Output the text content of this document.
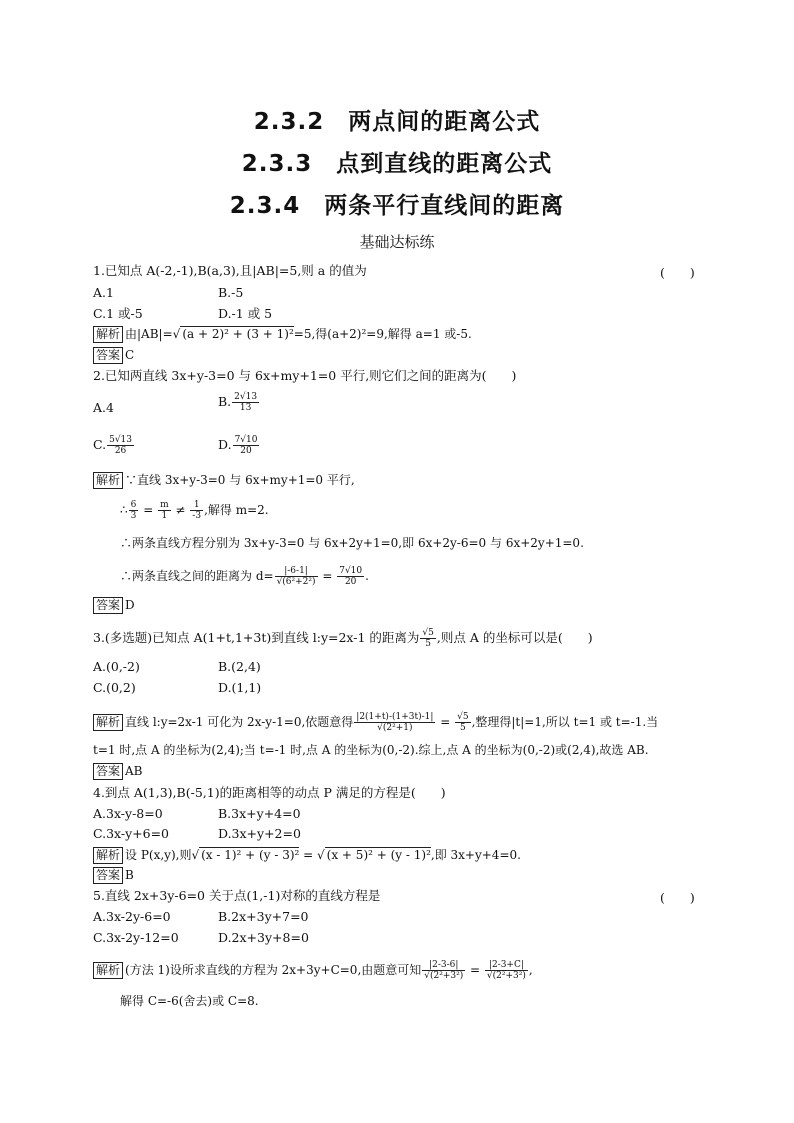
2.3.2　两点间的距离公式
2.3.3　点到直线的距离公式
2.3.4　两条平行直线间的距离
基础达标练
1.已知点 A(-2,-1),B(a,3),且|AB|=5,则 a 的值为	(　　)
A.1	B.-5
C.1 或-5	D.-1 或 5
解析 由|AB|=√ (a + 2)² + (3 + 1)²=5,得(a+2)²=9,解得 a=1 或-5.
答案 C
2.已知两直线 3x+y-3=0 与 6x+my+1=0 平行,则它们之间的距离为(　　)
A.4	B. $\frac{2√13}{13}$
C. $\frac{5√13}{26}$	D. $\frac{7√10}{20}$
解析 ∵直线 3x+y-3=0 与 6x+my+1=0 平行,
∴ $\frac{6}{3} = \frac{m}{1} \ne \frac{1}{-3}$ ,解得 m=2.
∴两条直线方程分别为 3x+y-3=0 与 6x+2y+1=0,即 6x+2y-6=0 与 6x+2y+1=0.
∴两条直线之间的距离为 $d= \frac{|-6-1|}{\text{√(6²+2²)}} = \frac{7√10}{20}$ .
答案 D
3.(多选题)已知点 A(1+t,1+3t)到直线 l:y=2x-1 的距离为 $\frac{√5}{5}$ ,则点 A 的坐标可以是(　　)
A.(0,-2)	B.(2,4)
C.(0,2)	D.(1,1)
解析 直线 l:y=2x-1 可化为 2x-y-1=0,依题意得 $\frac{|2(1+t)-(1+3t)-1|}{\text{√(2²+1)}} = \frac{√5}{5}$ ,整理得|t|=1,所以 t=1 或 t=-1.当
t=1 时,点 A 的坐标为(2,4);当 t=-1 时,点 A 的坐标为(0,-2).综上,点 A 的坐标为(0,-2)或(2,4),故选 AB.
答案 AB
4.到点 A(1,3),B(-5,1)的距离相等的动点 P 满足的方程是(　　)
A.3x-y-8=0	B.3x+y+4=0
C.3x-y+6=0	D.3x+y+2=0
解析 设 P(x,y),则√ (x - 1)² + (y - 3)² = √ (x + 5)² + (y - 1)²,即 3x+y+4=0.
答案 B
5.直线 2x+3y-6=0 关于点(1,-1)对称的直线方程是	(　　)
A.3x-2y-6=0	B.2x+3y+7=0
C.3x-2y-12=0	D.2x+3y+8=0
解析 (方法 1)设所求直线的方程为 2x+3y+C=0,由题意可知 $\frac{|2-3-6|}{\text{√(2²+3²)}} = \frac{|2-3+C|}{\text{√(2²+3²)}}$ ,
解得 C=-6(舍去)或 C=8.
